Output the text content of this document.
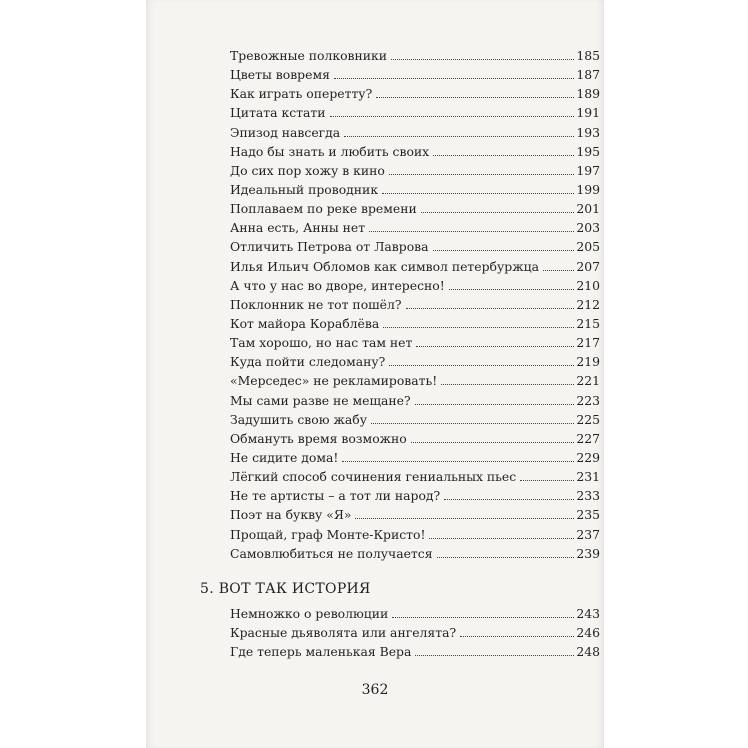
Тревожные полковники	185
Цветы вовремя	187
Как играть оперетту?	189
Цитата кстати	191
Эпизод навсегда	193
Надо бы знать и любить своих	195
До сих пор хожу в кино	197
Идеальный проводник	199
Поплаваем по реке времени	201
Анна есть, Анны нет	203
Отличить Петрова от Лаврова	205
Илья Ильич Обломов как символ петербуржца	207
А что у нас во дворе, интересно!	210
Поклонник не тот пошёл?	212
Кот майора Кораблёва	215
Там хорошо, но нас там нет	217
Куда пойти следоману?	219
«Мерседес» не рекламировать!	221
Мы сами разве не мещане?	223
Задушить свою жабу	225
Обмануть время возможно	227
Не сидите дома!	229
Лёгкий способ сочинения гениальных пьес	231
Не те артисты – а тот ли народ?	233
Поэт на букву «Я»	235
Прощай, граф Монте-Кристо!	237
Самовлюбиться не получается	239
5. ВОТ ТАК ИСТОРИЯ
Немножко о революции	243
Красные дьяволята или ангелята?	246
Где теперь маленькая Вера	248
362
